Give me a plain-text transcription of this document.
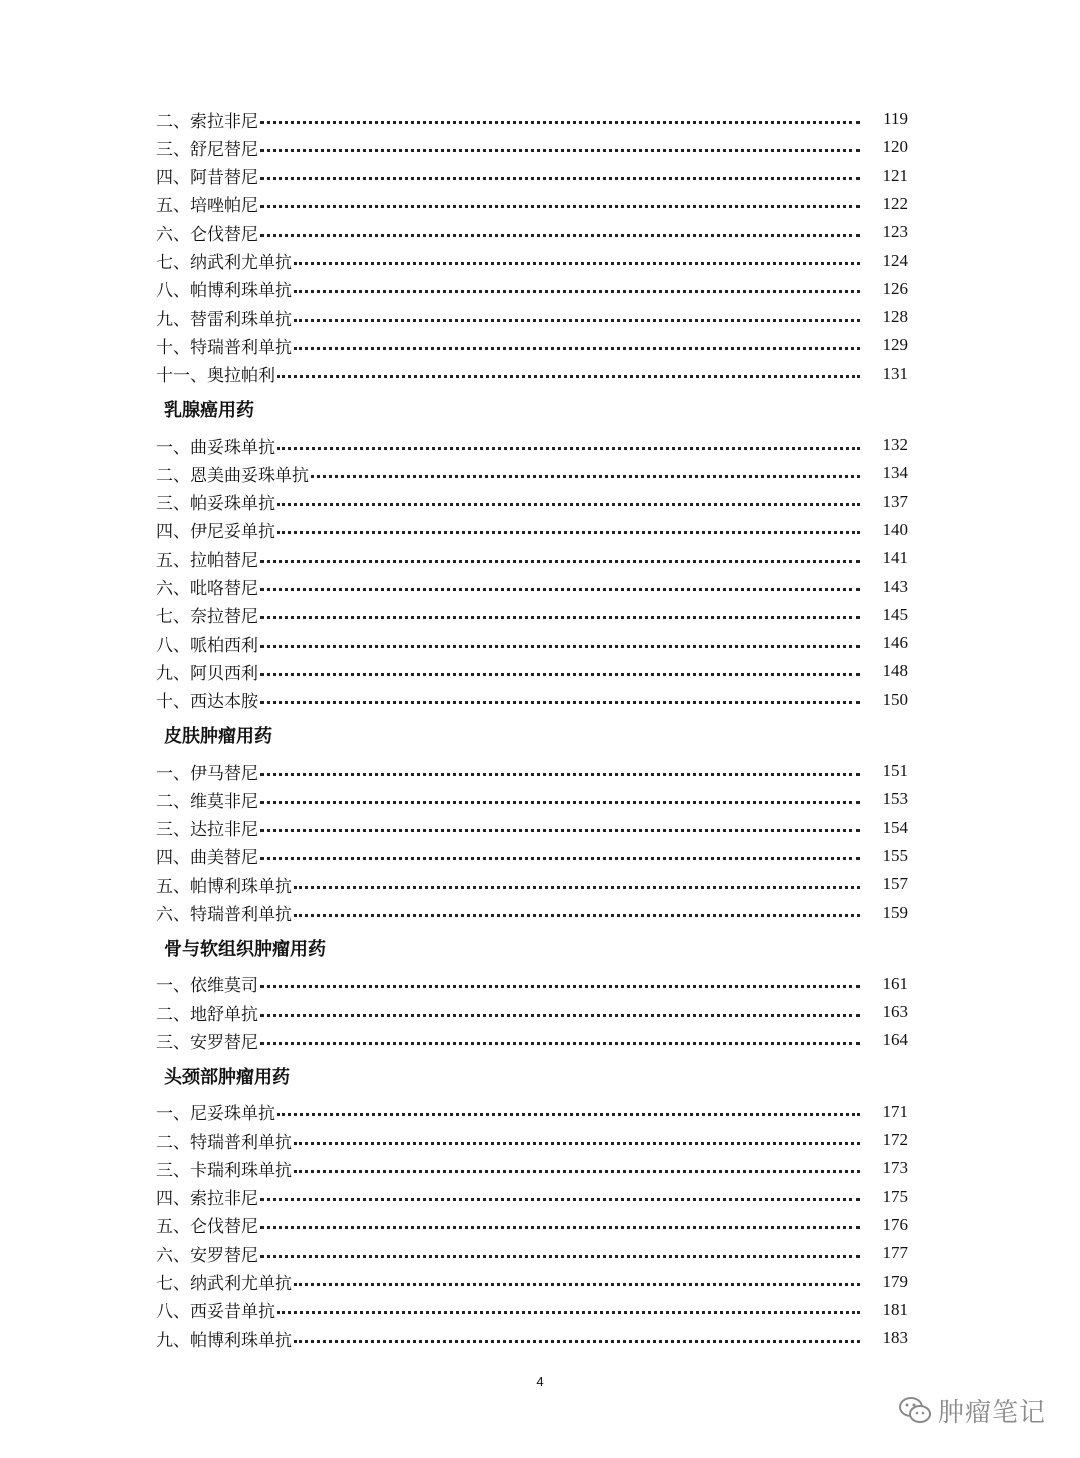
二、索拉非尼	119
三、舒尼替尼	120
四、阿昔替尼	121
五、培唑帕尼	122
六、仑伐替尼	123
七、纳武利尤单抗	124
八、帕博利珠单抗	126
九、替雷利珠单抗	128
十、特瑞普利单抗	129
十一、奥拉帕利	131
乳腺癌用药
一、曲妥珠单抗	132
二、恩美曲妥珠单抗	134
三、帕妥珠单抗	137
四、伊尼妥单抗	140
五、拉帕替尼	141
六、吡咯替尼	143
七、奈拉替尼	145
八、哌柏西利	146
九、阿贝西利	148
十、西达本胺	150
皮肤肿瘤用药
一、伊马替尼	151
二、维莫非尼	153
三、达拉非尼	154
四、曲美替尼	155
五、帕博利珠单抗	157
六、特瑞普利单抗	159
骨与软组织肿瘤用药
一、依维莫司	161
二、地舒单抗	163
三、安罗替尼	164
头颈部肿瘤用药
一、尼妥珠单抗	171
二、特瑞普利单抗	172
三、卡瑞利珠单抗	173
四、索拉非尼	175
五、仑伐替尼	176
六、安罗替尼	177
七、纳武利尤单抗	179
八、西妥昔单抗	181
九、帕博利珠单抗	183
4
肿瘤笔记
